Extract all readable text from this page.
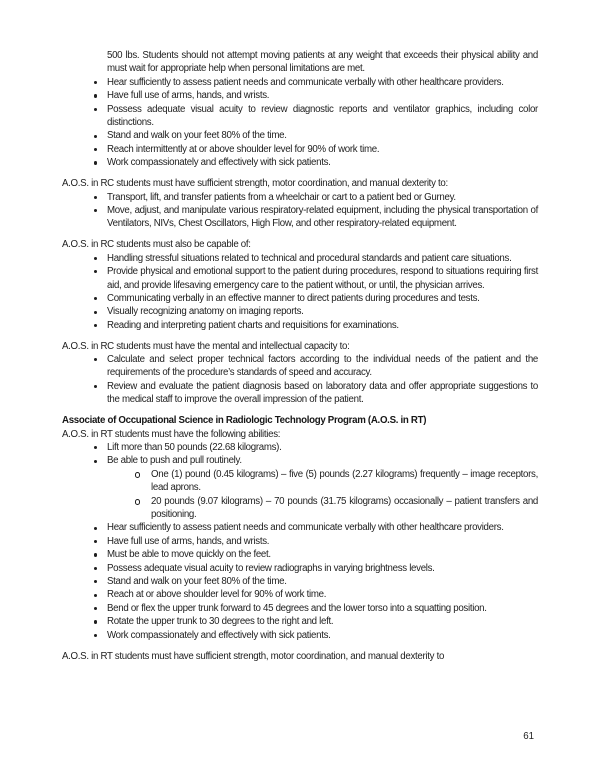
500 lbs. Students should not attempt moving patients at any weight that exceeds their physical ability and must wait for appropriate help when personal limitations are met.

Hear sufficiently to assess patient needs and communicate verbally with other healthcare providers.
Have full use of arms, hands, and wrists.
Possess adequate visual acuity to review diagnostic reports and ventilator graphics, including color distinctions.
Stand and walk on your feet 80% of the time.
Reach intermittently at or above shoulder level for 90% of work time.
Work compassionately and effectively with sick patients.

A.O.S. in RC students must have sufficient strength, motor coordination, and manual dexterity to:

Transport, lift, and transfer patients from a wheelchair or cart to a patient bed or Gurney.
Move, adjust, and manipulate various respiratory-related equipment, including the physical transportation of Ventilators, NIVs, Chest Oscillators, High Flow, and other respiratory-related equipment.

A.O.S. in RC students must also be capable of:

Handling stressful situations related to technical and procedural standards and patient care situations.
Provide physical and emotional support to the patient during procedures, respond to situations requiring first aid, and provide lifesaving emergency care to the patient without, or until, the physician arrives.
Communicating verbally in an effective manner to direct patients during procedures and tests.
Visually recognizing anatomy on imaging reports.
Reading and interpreting patient charts and requisitions for examinations.

A.O.S. in RC students must have the mental and intellectual capacity to:

Calculate and select proper technical factors according to the individual needs of the patient and the requirements of the procedure’s standards of speed and accuracy.
Review and evaluate the patient diagnosis based on laboratory data and offer appropriate suggestions to the medical staff to improve the overall impression of the patient.

Associate of Occupational Science in Radiologic Technology Program (A.O.S. in RT)

A.O.S. in RT students must have the following abilities:

Lift more than 50 pounds (22.68 kilograms).
Be able to push and pull routinely.
One (1) pound (0.45 kilograms) – five (5) pounds (2.27 kilograms) frequently – image receptors, lead aprons.
20 pounds (9.07 kilograms) – 70 pounds (31.75 kilograms) occasionally – patient transfers and positioning.
Hear sufficiently to assess patient needs and communicate verbally with other healthcare providers.
Have full use of arms, hands, and wrists.
Must be able to move quickly on the feet.
Possess adequate visual acuity to review radiographs in varying brightness levels.
Stand and walk on your feet 80% of the time.
Reach at or above shoulder level for 90% of work time.
Bend or flex the upper trunk forward to 45 degrees and the lower torso into a squatting position.
Rotate the upper trunk to 30 degrees to the right and left.
Work compassionately and effectively with sick patients.

A.O.S. in RT students must have sufficient strength, motor coordination, and manual dexterity to

61
